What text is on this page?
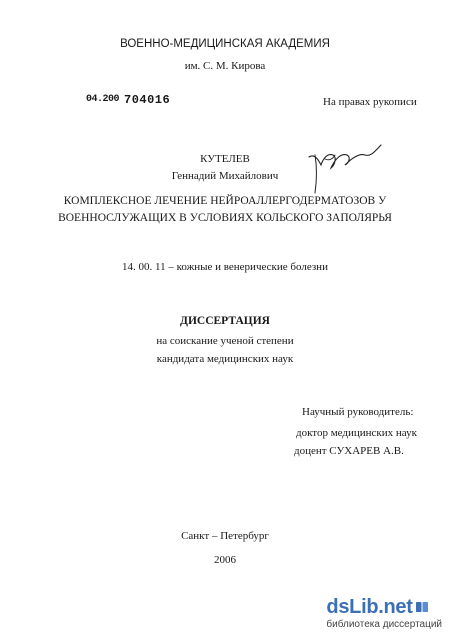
ВОЕННО-МЕДИЦИНСКАЯ АКАДЕМИЯ
им. С. М. Кирова
04.200 704016	На правах рукописи
КУТЕЛЕВ
Геннадий Михайлович
КОМПЛЕКСНОЕ ЛЕЧЕНИЕ НЕЙРОАЛЛЕРГОДЕРМАТОЗОВ У
ВОЕННОСЛУЖАЩИХ В УСЛОВИЯХ КОЛЬСКОГО ЗАПОЛЯРЬЯ
14. 00. 11 – кожные и венерические болезни
ДИССЕРТАЦИЯ
на соискание ученой степени
кандидата медицинских наук
Научный руководитель:
доктор медицинских наук
доцент СУХАРЕВ А.В.
Санкт – Петербург
2006
dsLib.net
библиотека диссертаций
